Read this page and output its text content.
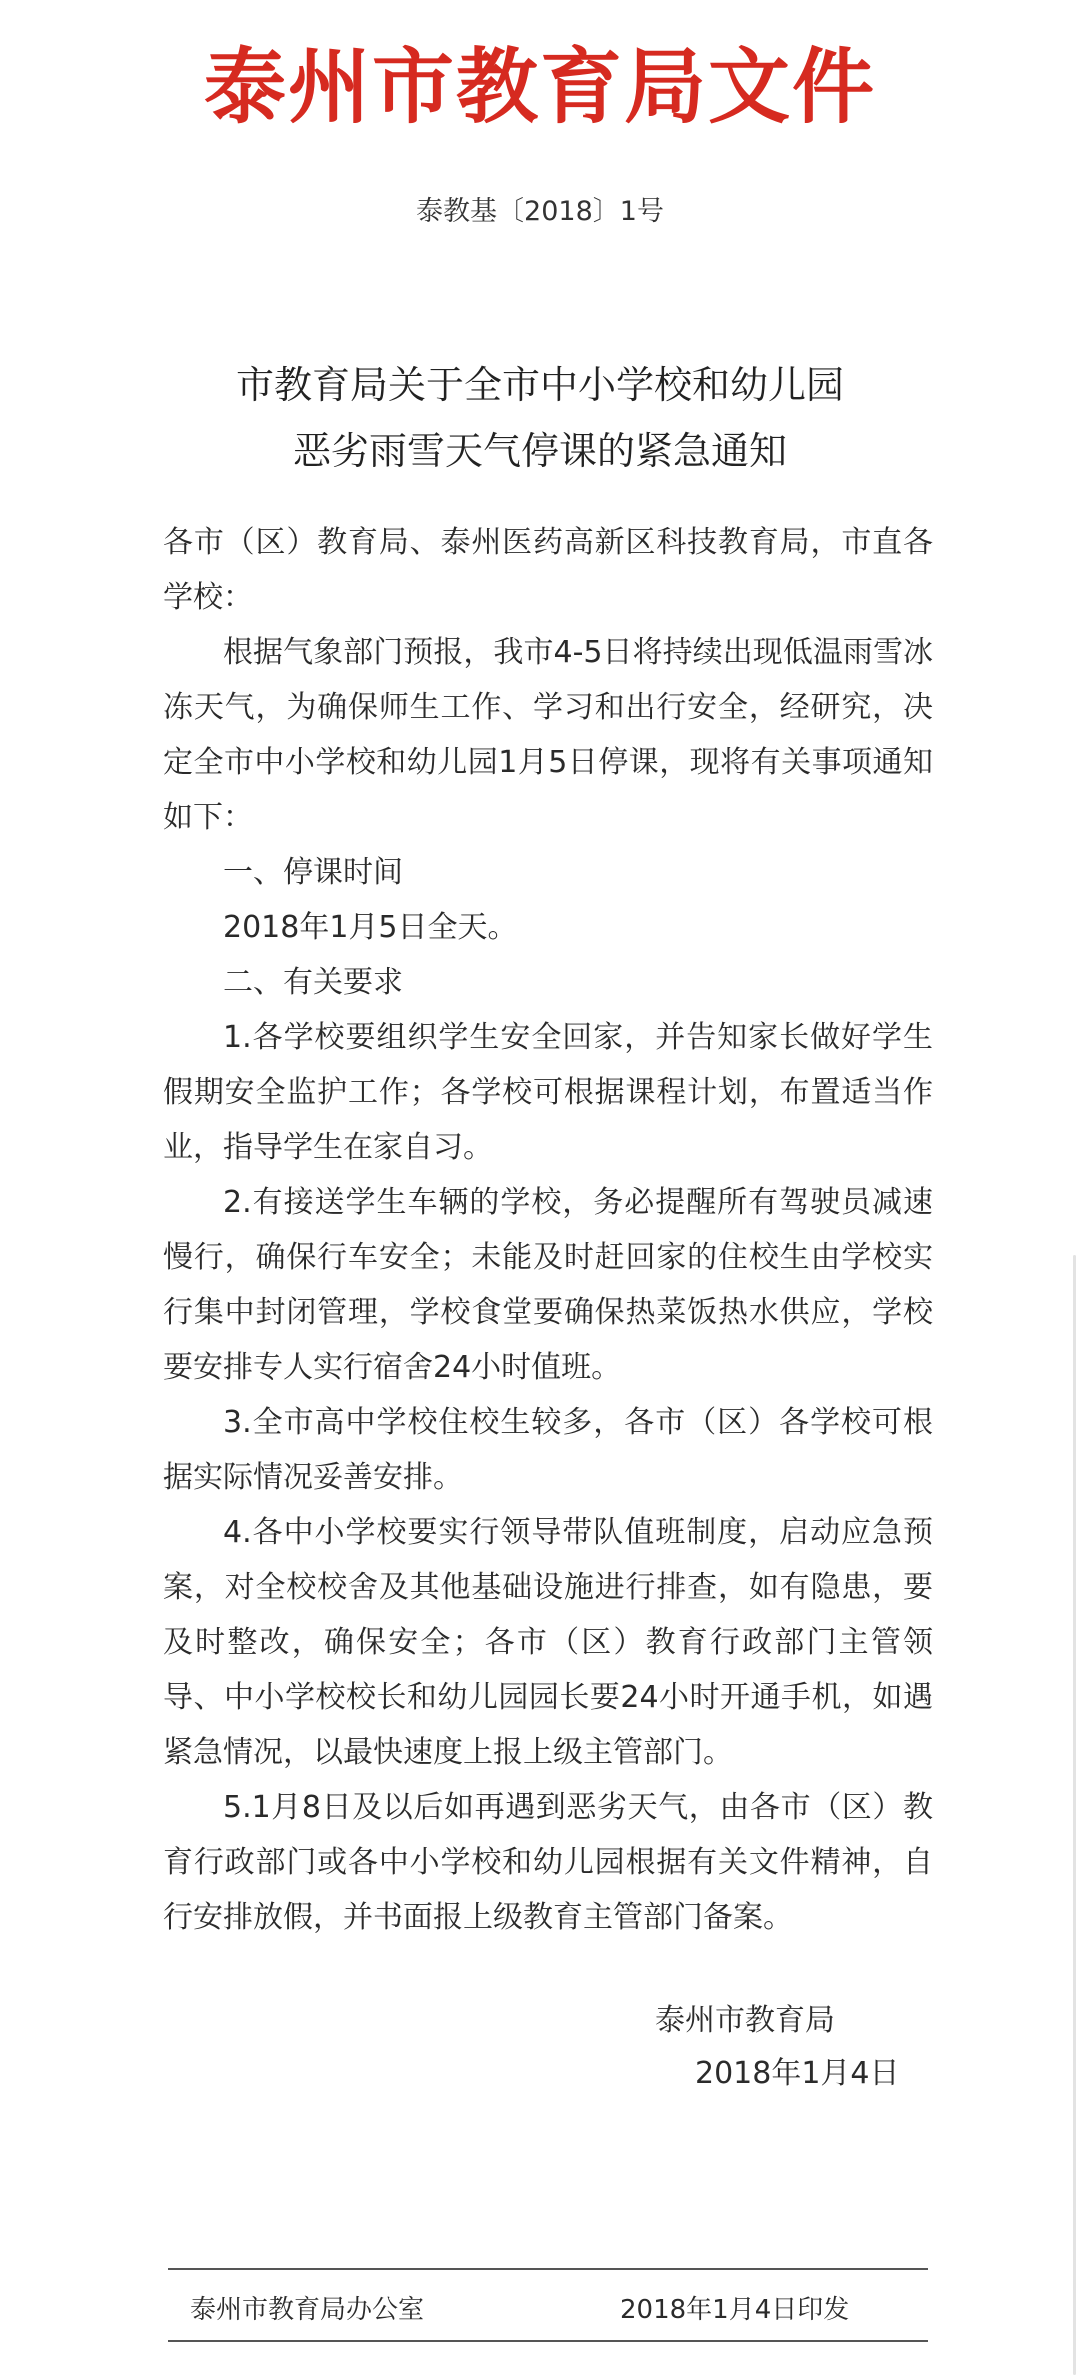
泰州市教育局文件
泰教基〔2018〕1号
市教育局关于全市中小学校和幼儿园
恶劣雨雪天气停课的紧急通知

各市（区）教育局、泰州医药高新区科技教育局，市直各学校：

根据气象部门预报，我市4-5日将持续出现低温雨雪冰冻天气，为确保师生工作、学习和出行安全，经研究，决定全市中小学校和幼儿园1月5日停课，现将有关事项通知如下：

一、停课时间

2018年1月5日全天。

二、有关要求

1.各学校要组织学生安全回家，并告知家长做好学生假期安全监护工作；各学校可根据课程计划，布置适当作业，指导学生在家自习。

2.有接送学生车辆的学校，务必提醒所有驾驶员减速慢行，确保行车安全；未能及时赶回家的住校生由学校实行集中封闭管理，学校食堂要确保热菜饭热水供应，学校要安排专人实行宿舍24小时值班。

3.全市高中学校住校生较多，各市（区）各学校可根据实际情况妥善安排。

4.各中小学校要实行领导带队值班制度，启动应急预案，对全校校舍及其他基础设施进行排查，如有隐患，要及时整改，确保安全；各市（区）教育行政部门主管领导、中小学校校长和幼儿园园长要24小时开通手机，如遇紧急情况，以最快速度上报上级主管部门。

5.1月8日及以后如再遇到恶劣天气，由各市（区）教育行政部门或各中小学校和幼儿园根据有关文件精神，自行安排放假，并书面报上级教育主管部门备案。

泰州市教育局
2018年1月4日
泰州市教育局办公室	2018年1月4日印发
